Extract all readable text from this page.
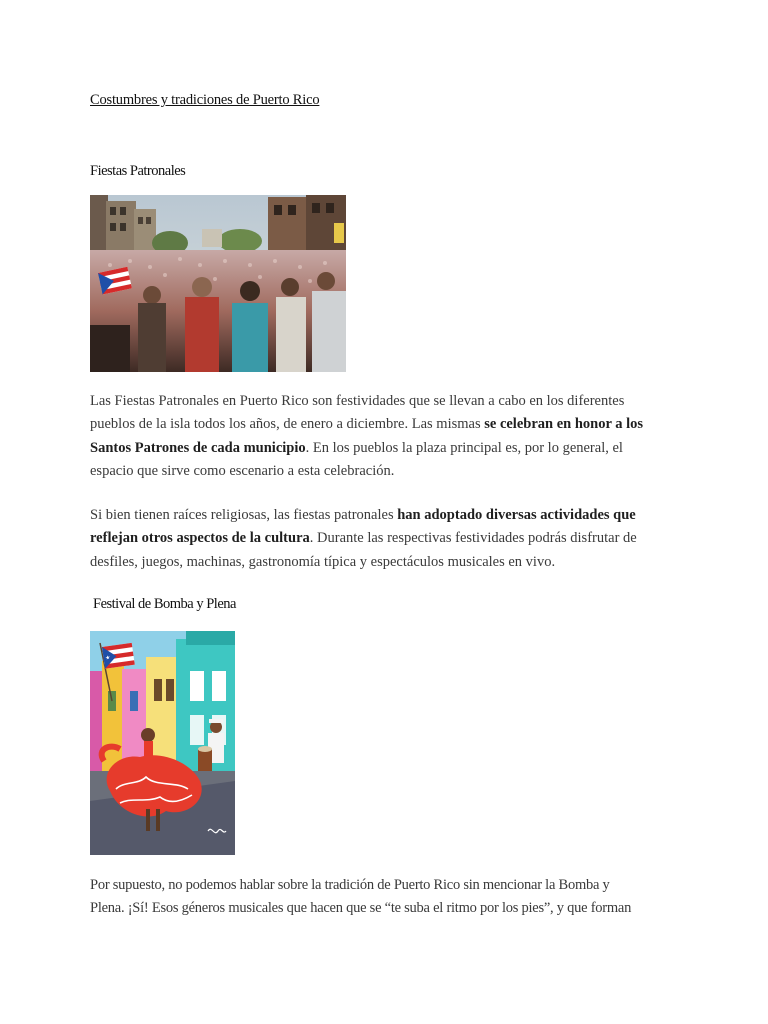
Costumbres y tradiciones de Puerto Rico
Fiestas Patronales

Las Fiestas Patronales en Puerto Rico son festividades que se llevan a cabo en los diferentes
pueblos de la isla todos los años, de enero a diciembre. Las mismas se celebran en honor a los
Santos Patrones de cada municipio. En los pueblos la plaza principal es, por lo general, el
espacio que sirve como escenario a esta celebración.

Si bien tienen raíces religiosas, las fiestas patronales han adoptado diversas actividades que
reflejan otros aspectos de la cultura. Durante las respectivas festividades podrás disfrutar de
desfiles, juegos, machinas, gastronomía típica y espectáculos musicales en vivo.

Festival de Bomba y Plena

Por supuesto, no podemos hablar sobre la tradición de Puerto Rico sin mencionar la Bomba y
Plena. ¡Sí! Esos géneros musicales que hacen que se “te suba el ritmo por los pies”, y que forman
